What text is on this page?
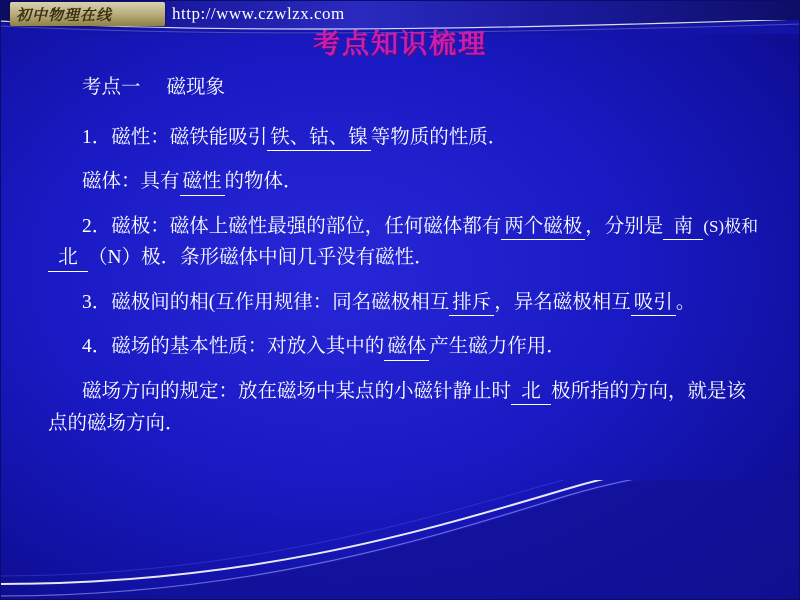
初中物理在线	http://www.czwlzx.com
考点知识梳理
考点一 磁现象
1．磁性：磁铁能吸引 铁、钴、镍 等物质的性质．
磁体：具有 磁性 的物体．
2．磁极：磁体上磁性最强的部位，任何磁体都有 两个磁极 ，分别是 南 (S)极和北 （N）极．条形磁体中间几乎没有磁性．
3．磁极间的相(互作用规律：同名磁极相互 排斥 ，异名磁极相互 吸引 。
4．磁场的基本性质：对放入其中的 磁体 产生磁力作用．
磁场方向的规定：放在磁场中某点的小磁针静止时 北 极所指的方向，就是该点的磁场方向．
